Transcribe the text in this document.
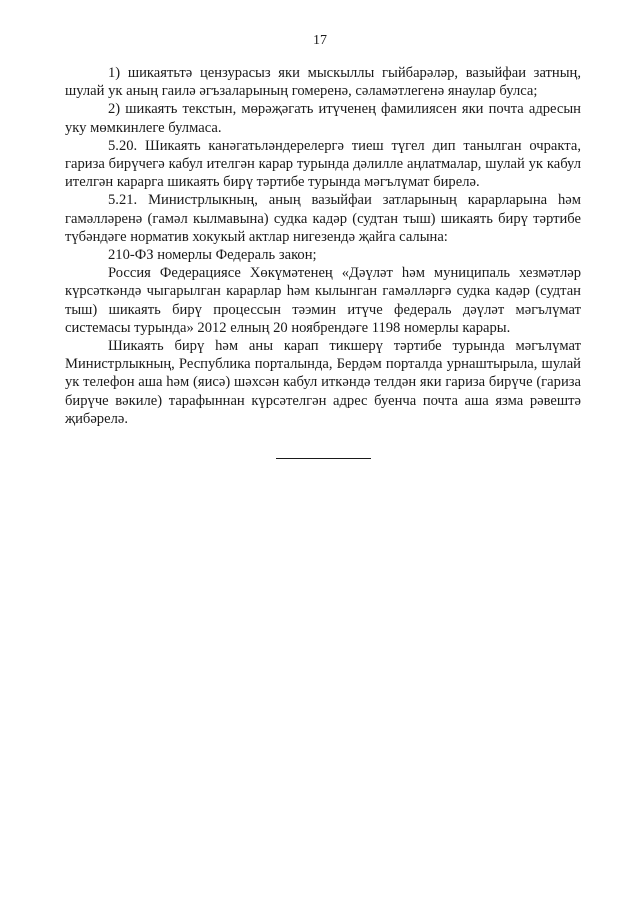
17

1) шикаятьтә цензурасыз яки мыскыллы гыйбарәләр, вазыйфаи затның, шулай ук аның гаилә әгъзаларының гомеренә, сәламәтлегенә янаулар булса;

2) шикаять текстын, мөрәҗәгать итүченең фамилиясен яки почта адресын уку мөмкинлеге булмаса.

5.20. Шикаять канәгатьләндерелергә тиеш түгел дип танылган очракта, гариза бирүчегә кабул ителгән карар турында дәлилле аңлатмалар, шулай ук кабул ителгән карарга шикаять бирү тәртибе турында мәгълүмат бирелә.

5.21. Министрлыкның, аның вазыйфаи затларының карарларына һәм гамәлләренә (гамәл кылмавына) судка кадәр (судтан тыш) шикаять бирү тәртибе түбәндәге норматив хокукый актлар нигезендә җайга салына:

210-ФЗ номерлы Федераль закон;

Россия Федерациясе Хөкүмәтенең «Дәүләт һәм муниципаль хезмәтләр күрсәткәндә чыгарылган карарлар һәм кылынган гамәлләргә судка кадәр (судтан тыш) шикаять бирү процессын тәэмин итүче федераль дәүләт мәгълүмат системасы турында» 2012 елның 20 ноябрендәге 1198 номерлы карары.

Шикаять бирү һәм аны карап тикшерү тәртибе турында мәгълүмат Министрлыкның, Республика порталында, Бердәм порталда урнаштырыла, шулай ук телефон аша һәм (яисә) шәхсән кабул иткәндә телдән яки гариза бирүче (гариза бирүче вәкиле) тарафыннан күрсәтелгән адрес буенча почта аша язма рәвештә җибәрелә.
